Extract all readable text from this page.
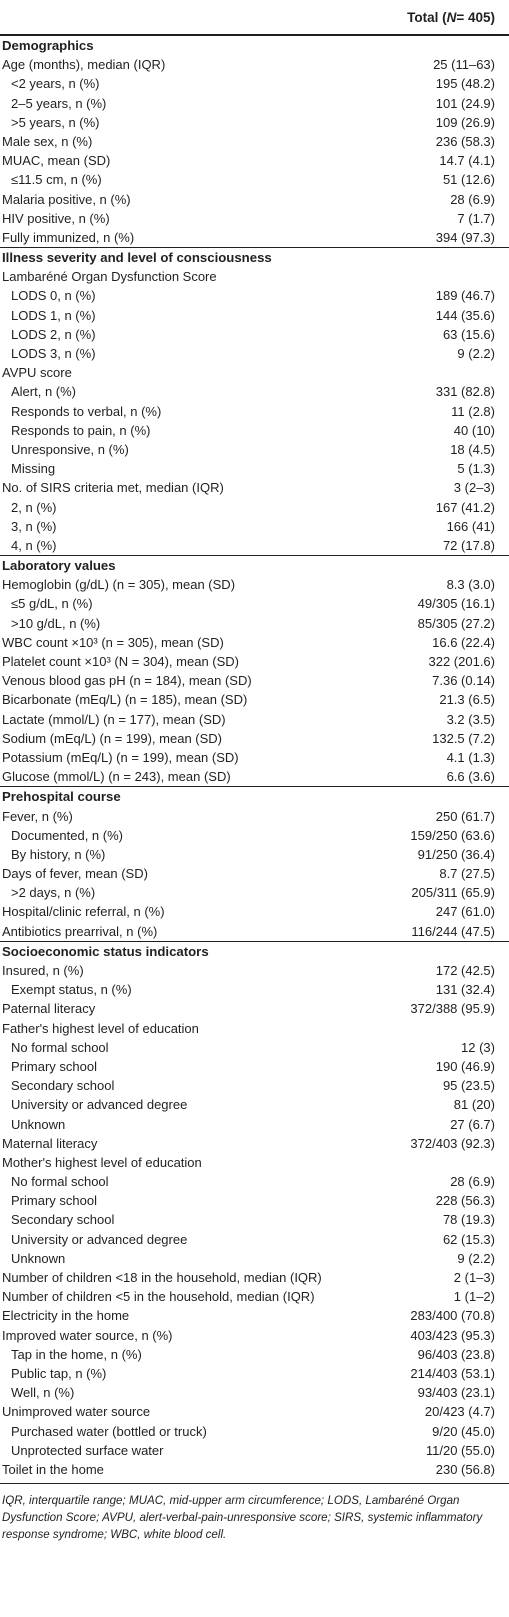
Total ( N = 405)
Demographics
Age (months), median (IQR)	25 (11–63)
<2 years, n (%)	195 (48.2)
2–5 years, n (%)	101 (24.9)
>5 years, n (%)	109 (26.9)
Male sex, n (%)	236 (58.3)
MUAC, mean (SD)	14.7 (4.1)
≤11.5 cm, n (%)	51 (12.6)
Malaria positive, n (%)	28 (6.9)
HIV positive, n (%)	7 (1.7)
Fully immunized, n (%)	394 (97.3)
Illness severity and level of consciousness
Lambaréné Organ Dysfunction Score
LODS 0, n (%)	189 (46.7)
LODS 1, n (%)	144 (35.6)
LODS 2, n (%)	63 (15.6)
LODS 3, n (%)	9 (2.2)
AVPU score
Alert, n (%)	331 (82.8)
Responds to verbal, n (%)	11 (2.8)
Responds to pain, n (%)	40 (10)
Unresponsive, n (%)	18 (4.5)
Missing	5 (1.3)
No. of SIRS criteria met, median (IQR)	3 (2–3)
2, n (%)	167 (41.2)
3, n (%)	166 (41)
4, n (%)	72 (17.8)
Laboratory values
Hemoglobin (g/dL) (n = 305), mean (SD)	8.3 (3.0)
≤5 g/dL, n (%)	49/305 (16.1)
>10 g/dL, n (%)	85/305 (27.2)
WBC count ×10³ (n = 305), mean (SD)	16.6 (22.4)
Platelet count ×10³ (N = 304), mean (SD)	322 (201.6)
Venous blood gas pH (n = 184), mean (SD)	7.36 (0.14)
Bicarbonate (mEq/L) (n = 185), mean (SD)	21.3 (6.5)
Lactate (mmol/L) (n = 177), mean (SD)	3.2 (3.5)
Sodium (mEq/L) (n = 199), mean (SD)	132.5 (7.2)
Potassium (mEq/L) (n = 199), mean (SD)	4.1 (1.3)
Glucose (mmol/L) (n = 243), mean (SD)	6.6 (3.6)
Prehospital course
Fever, n (%)	250 (61.7)
Documented, n (%)	159/250 (63.6)
By history, n (%)	91/250 (36.4)
Days of fever, mean (SD)	8.7 (27.5)
>2 days, n (%)	205/311 (65.9)
Hospital/clinic referral, n (%)	247 (61.0)
Antibiotics prearrival, n (%)	116/244 (47.5)
Socioeconomic status indicators
Insured, n (%)	172 (42.5)
Exempt status, n (%)	131 (32.4)
Paternal literacy	372/388 (95.9)
Father's highest level of education
No formal school	12 (3)
Primary school	190 (46.9)
Secondary school	95 (23.5)
University or advanced degree	81 (20)
Unknown	27 (6.7)
Maternal literacy	372/403 (92.3)
Mother's highest level of education
No formal school	28 (6.9)
Primary school	228 (56.3)
Secondary school	78 (19.3)
University or advanced degree	62 (15.3)
Unknown	9 (2.2)
Number of children <18 in the household, median (IQR)	2 (1–3)
Number of children <5 in the household, median (IQR)	1 (1–2)
Electricity in the home	283/400 (70.8)
Improved water source, n (%)	403/423 (95.3)
Tap in the home, n (%)	96/403 (23.8)
Public tap, n (%)	214/403 (53.1)
Well, n (%)	93/403 (23.1)
Unimproved water source	20/423 (4.7)
Purchased water (bottled or truck)	9/20 (45.0)
Unprotected surface water	11/20 (55.0)
Toilet in the home	230 (56.8)
IQR, interquartile range; MUAC, mid-upper arm circumference; LODS, Lambaréné Organ Dysfunction Score; AVPU, alert-verbal-pain-unresponsive score; SIRS, systemic inflammatory response syndrome; WBC, white blood cell.
